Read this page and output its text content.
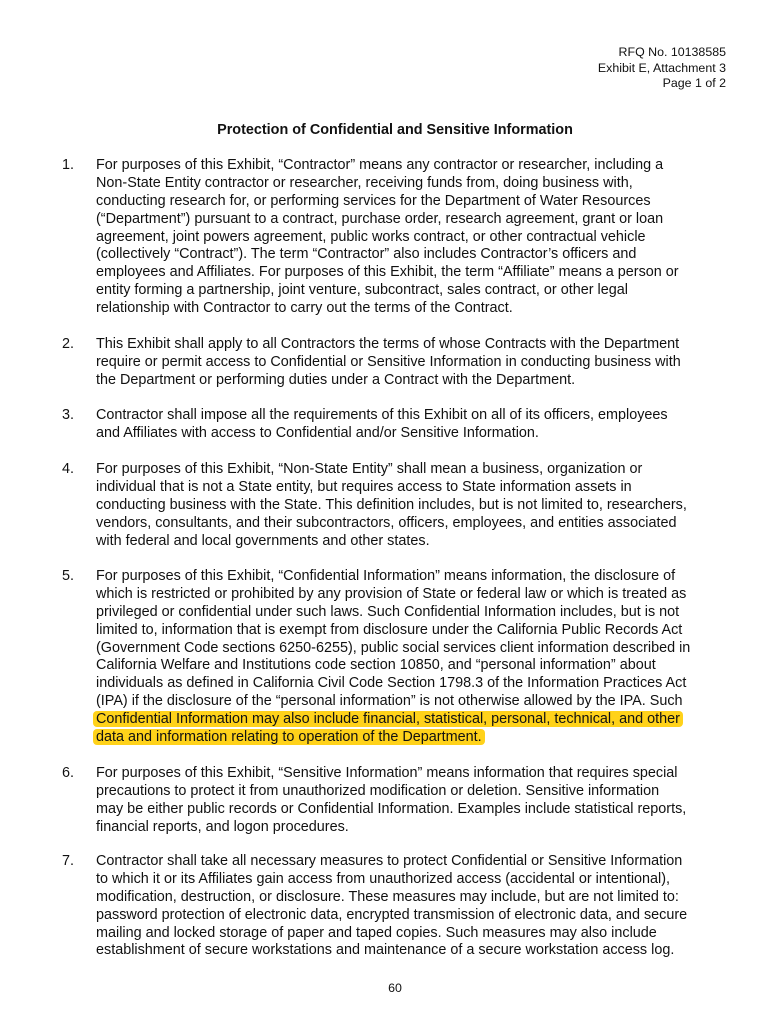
RFQ No. 10138585
Exhibit E, Attachment 3
Page 1 of 2
Protection of Confidential and Sensitive Information
1. For purposes of this Exhibit, “Contractor” means any contractor or researcher, including a
Non-State Entity contractor or researcher, receiving funds from, doing business with,
conducting research for, or performing services for the Department of Water Resources
(“Department”) pursuant to a contract, purchase order, research agreement, grant or loan
agreement, joint powers agreement, public works contract, or other contractual vehicle
(collectively “Contract”). The term “Contractor” also includes Contractor’s officers and
employees and Affiliates. For purposes of this Exhibit, the term “Affiliate” means a person or
entity forming a partnership, joint venture, subcontract, sales contract, or other legal
relationship with Contractor to carry out the terms of the Contract.
2. This Exhibit shall apply to all Contractors the terms of whose Contracts with the Department
require or permit access to Confidential or Sensitive Information in conducting business with
the Department or performing duties under a Contract with the Department.
3. Contractor shall impose all the requirements of this Exhibit on all of its officers, employees
and Affiliates with access to Confidential and/or Sensitive Information.
4. For purposes of this Exhibit, “Non-State Entity” shall mean a business, organization or
individual that is not a State entity, but requires access to State information assets in
conducting business with the State. This definition includes, but is not limited to, researchers,
vendors, consultants, and their subcontractors, officers, employees, and entities associated
with federal and local governments and other states.
5. For purposes of this Exhibit, “Confidential Information” means information, the disclosure of
which is restricted or prohibited by any provision of State or federal law or which is treated as
privileged or confidential under such laws. Such Confidential Information includes, but is not
limited to, information that is exempt from disclosure under the California Public Records Act
(Government Code sections 6250-6255), public social services client information described in
California Welfare and Institutions code section 10850, and “personal information” about
individuals as defined in California Civil Code Section 1798.3 of the Information Practices Act
(IPA) if the disclosure of the “personal information” is not otherwise allowed by the IPA. Such
Confidential Information may also include financial, statistical, personal, technical, and other
data and information relating to operation of the Department.
6. For purposes of this Exhibit, “Sensitive Information” means information that requires special
precautions to protect it from unauthorized modification or deletion. Sensitive information
may be either public records or Confidential Information. Examples include statistical reports,
financial reports, and logon procedures.
7. Contractor shall take all necessary measures to protect Confidential or Sensitive Information
to which it or its Affiliates gain access from unauthorized access (accidental or intentional),
modification, destruction, or disclosure. These measures may include, but are not limited to:
password protection of electronic data, encrypted transmission of electronic data, and secure
mailing and locked storage of paper and taped copies. Such measures may also include
establishment of secure workstations and maintenance of a secure workstation access log.
60
